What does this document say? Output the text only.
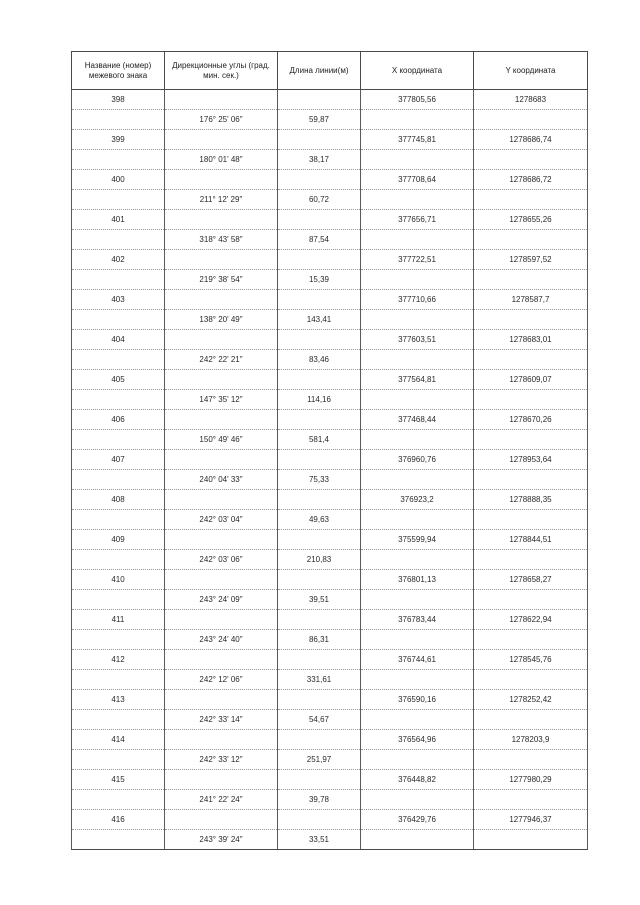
Название (номер) межевого знака	Дирекционные углы (град. мин. сек.)	Длина линии(м)	X координата	Y координата
398			377805,56	1278683
	176° 25' 06"	59,87		
399			377745,81	1278686,74
	180° 01' 48"	38,17		
400			377708,64	1278686,72
	211° 12' 29"	60,72		
401			377656,71	1278655,26
	318° 43' 58"	87,54		
402			377722,51	1278597,52
	219° 38' 54"	15,39		
403			377710,66	1278587,7
	138° 20' 49"	143,41		
404			377603,51	1278683,01
	242° 22' 21"	83,46		
405			377564,81	1278609,07
	147° 35' 12"	114,16		
406			377468,44	1278670,26
	150° 49' 46"	581,4		
407			376960,76	1278953,64
	240° 04' 33"	75,33		
408			376923,2	1278888,35
	242° 03' 04"	49,63		
409			375599,94	1278844,51
	242° 03' 06"	210,83		
410			376801,13	1278658,27
	243° 24' 09"	39,51		
411			376783,44	1278622,94
	243° 24' 40"	86,31		
412			376744,61	1278545,76
	242° 12' 06"	331,61		
413			376590,16	1278252,42
	242° 33' 14"	54,67		
414			376564,96	1278203,9
	242° 33' 12"	251,97		
415			376448,82	1277980,29
	241° 22' 24"	39,78		
416			376429,76	1277946,37
	243° 39' 24"	33,51		
